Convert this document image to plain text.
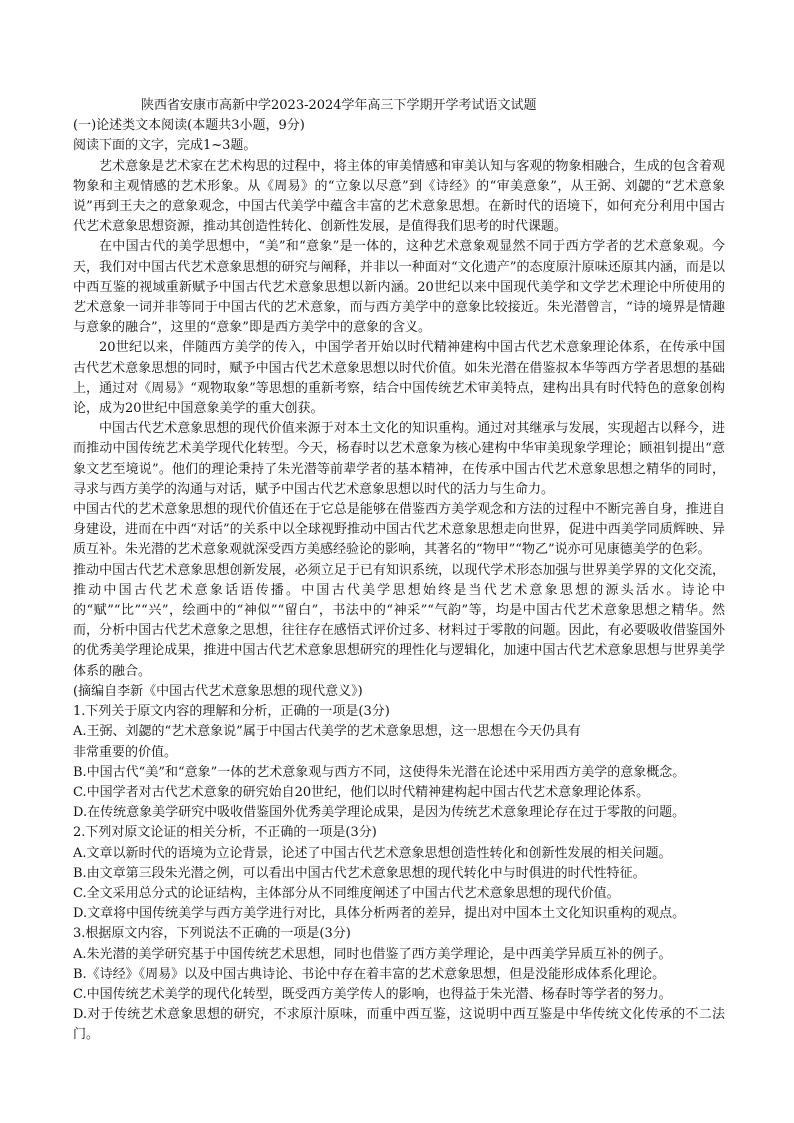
陕西省安康市高新中学2023-2024学年高三下学期开学考试语文试题

(一)论述类文本阅读(本题共3小题，9分)

阅读下面的文字，完成1~3题。

艺术意象是艺术家在艺术构思的过程中，将主体的审美情感和审美认知与客观的物象相融合，生成的包含着观物象和主观情感的艺术形象。从《周易》的“立象以尽意”到《诗经》的“审美意象”，从王弼、刘勰的“艺术意象说”再到王夫之的意象观念，中国古代美学中蕴含丰富的艺术意象思想。在新时代的语境下，如何充分利用中国古代艺术意象思想资源，推动其创造性转化、创新性发展，是值得我们思考的时代课题。

在中国古代的美学思想中，“美”和“意象”是一体的，这种艺术意象观显然不同于西方学者的艺术意象观。今天，我们对中国古代艺术意象思想的研究与阐释，并非以一种面对“文化遗产”的态度原汁原味还原其内涵，而是以中西互鉴的视域重新赋予中国古代艺术意象思想以新内涵。20世纪以来中国现代美学和文学艺术理论中所使用的艺术意象一词并非等同于中国古代的艺术意象，而与西方美学中的意象比较接近。朱光潜曾言，“诗的境界是情趣与意象的融合”，这里的“意象”即是西方美学中的意象的含义。

20世纪以来，伴随西方美学的传入，中国学者开始以时代精神建构中国古代艺术意象理论体系，在传承中国古代艺术意象思想的同时，赋予中国古代艺术意象思想以时代价值。如朱光潜在借鉴叔本华等西方学者思想的基础上，通过对《周易》“观物取象”等思想的重新考察，结合中国传统艺术审美特点，建构出具有时代特色的意象创构论，成为20世纪中国意象美学的重大创获。

中国古代艺术意象思想的现代价值来源于对本土文化的知识重构。通过对其继承与发展，实现超古以释今，进而推动中国传统艺术美学现代化转型。今天，杨春时以艺术意象为核心建构中华审美现象学理论；顾祖钊提出“意象文艺至境说”。他们的理论秉持了朱光潜等前辈学者的基本精神，在传承中国古代艺术意象思想之精华的同时，寻求与西方美学的沟通与对话，赋予中国古代艺术意象思想以时代的活力与生命力。

中国古代的艺术意象思想的现代价值还在于它总是能够在借鉴西方美学观念和方法的过程中不断完善自身，推进自身建设，进而在中西“对话”的关系中以全球视野推动中国古代艺术意象思想走向世界，促进中西美学同质辉映、异质互补。朱光潜的艺术意象观就深受西方美感经验论的影响，其著名的“物甲”“物乙”说亦可见康德美学的色彩。

推动中国古代艺术意象思想创新发展，必须立足于已有知识系统，以现代学术形态加强与世界美学界的文化交流，推动中国古代艺术意象话语传播。中国古代美学思想始终是当代艺术意象思想的源头活水。诗论中的“赋”“比”“兴”，绘画中的“神似”“留白”，书法中的“神采”“气韵”等，均是中国古代艺术意象思想之精华。然而，分析中国古代艺术意象之思想，往往存在感悟式评价过多、材料过于零散的问题。因此，有必要吸收借鉴国外的优秀美学理论成果，推进中国古代艺术意象思想研究的理性化与逻辑化，加速中国古代艺术意象思想与世界美学体系的融合。

(摘编自李新《中国古代艺术意象思想的现代意义》)

1.下列关于原文内容的理解和分析，正确的一项是(3分)

A.王弼、刘勰的“艺术意象说”属于中国古代美学的艺术意象思想，这一思想在今天仍具有

非常重要的价值。

B.中国古代“美”和“意象”一体的艺术意象观与西方不同，这使得朱光潜在论述中采用西方美学的意象概念。

C.中国学者对古代艺术意象的研究始自20世纪，他们以时代精神建构起中国古代艺术意象理论体系。

D.在传统意象美学研究中吸收借鉴国外优秀美学理论成果，是因为传统艺术意象理论存在过于零散的问题。

2.下列对原文论证的相关分析，不正确的一项是(3分)

A.文章以新时代的语境为立论背景，论述了中国古代艺术意象思想创造性转化和创新性发展的相关问题。

B.由文章第三段朱光潜之例，可以看出中国古代艺术意象思想的现代转化中与时俱进的时代性特征。

C.全文采用总分式的论证结构，主体部分从不同维度阐述了中国古代艺术意象思想的现代价值。

D.文章将中国传统美学与西方美学进行对比，具体分析两者的差异，提出对中国本土文化知识重构的观点。

3.根据原文内容，下列说法不正确的一项是(3分)

A.朱光潜的美学研究基于中国传统艺术思想，同时也借鉴了西方美学理论，是中西美学异质互补的例子。

B.《诗经》《周易》以及中国古典诗论、书论中存在着丰富的艺术意象思想，但是没能形成体系化理论。

C.中国传统艺术美学的现代化转型，既受西方美学传人的影响，也得益于朱光潜、杨春时等学者的努力。

D.对于传统艺术意象思想的研究，不求原汁原味，而重中西互鉴，这说明中西互鉴是中华传统文化传承的不二法门。
